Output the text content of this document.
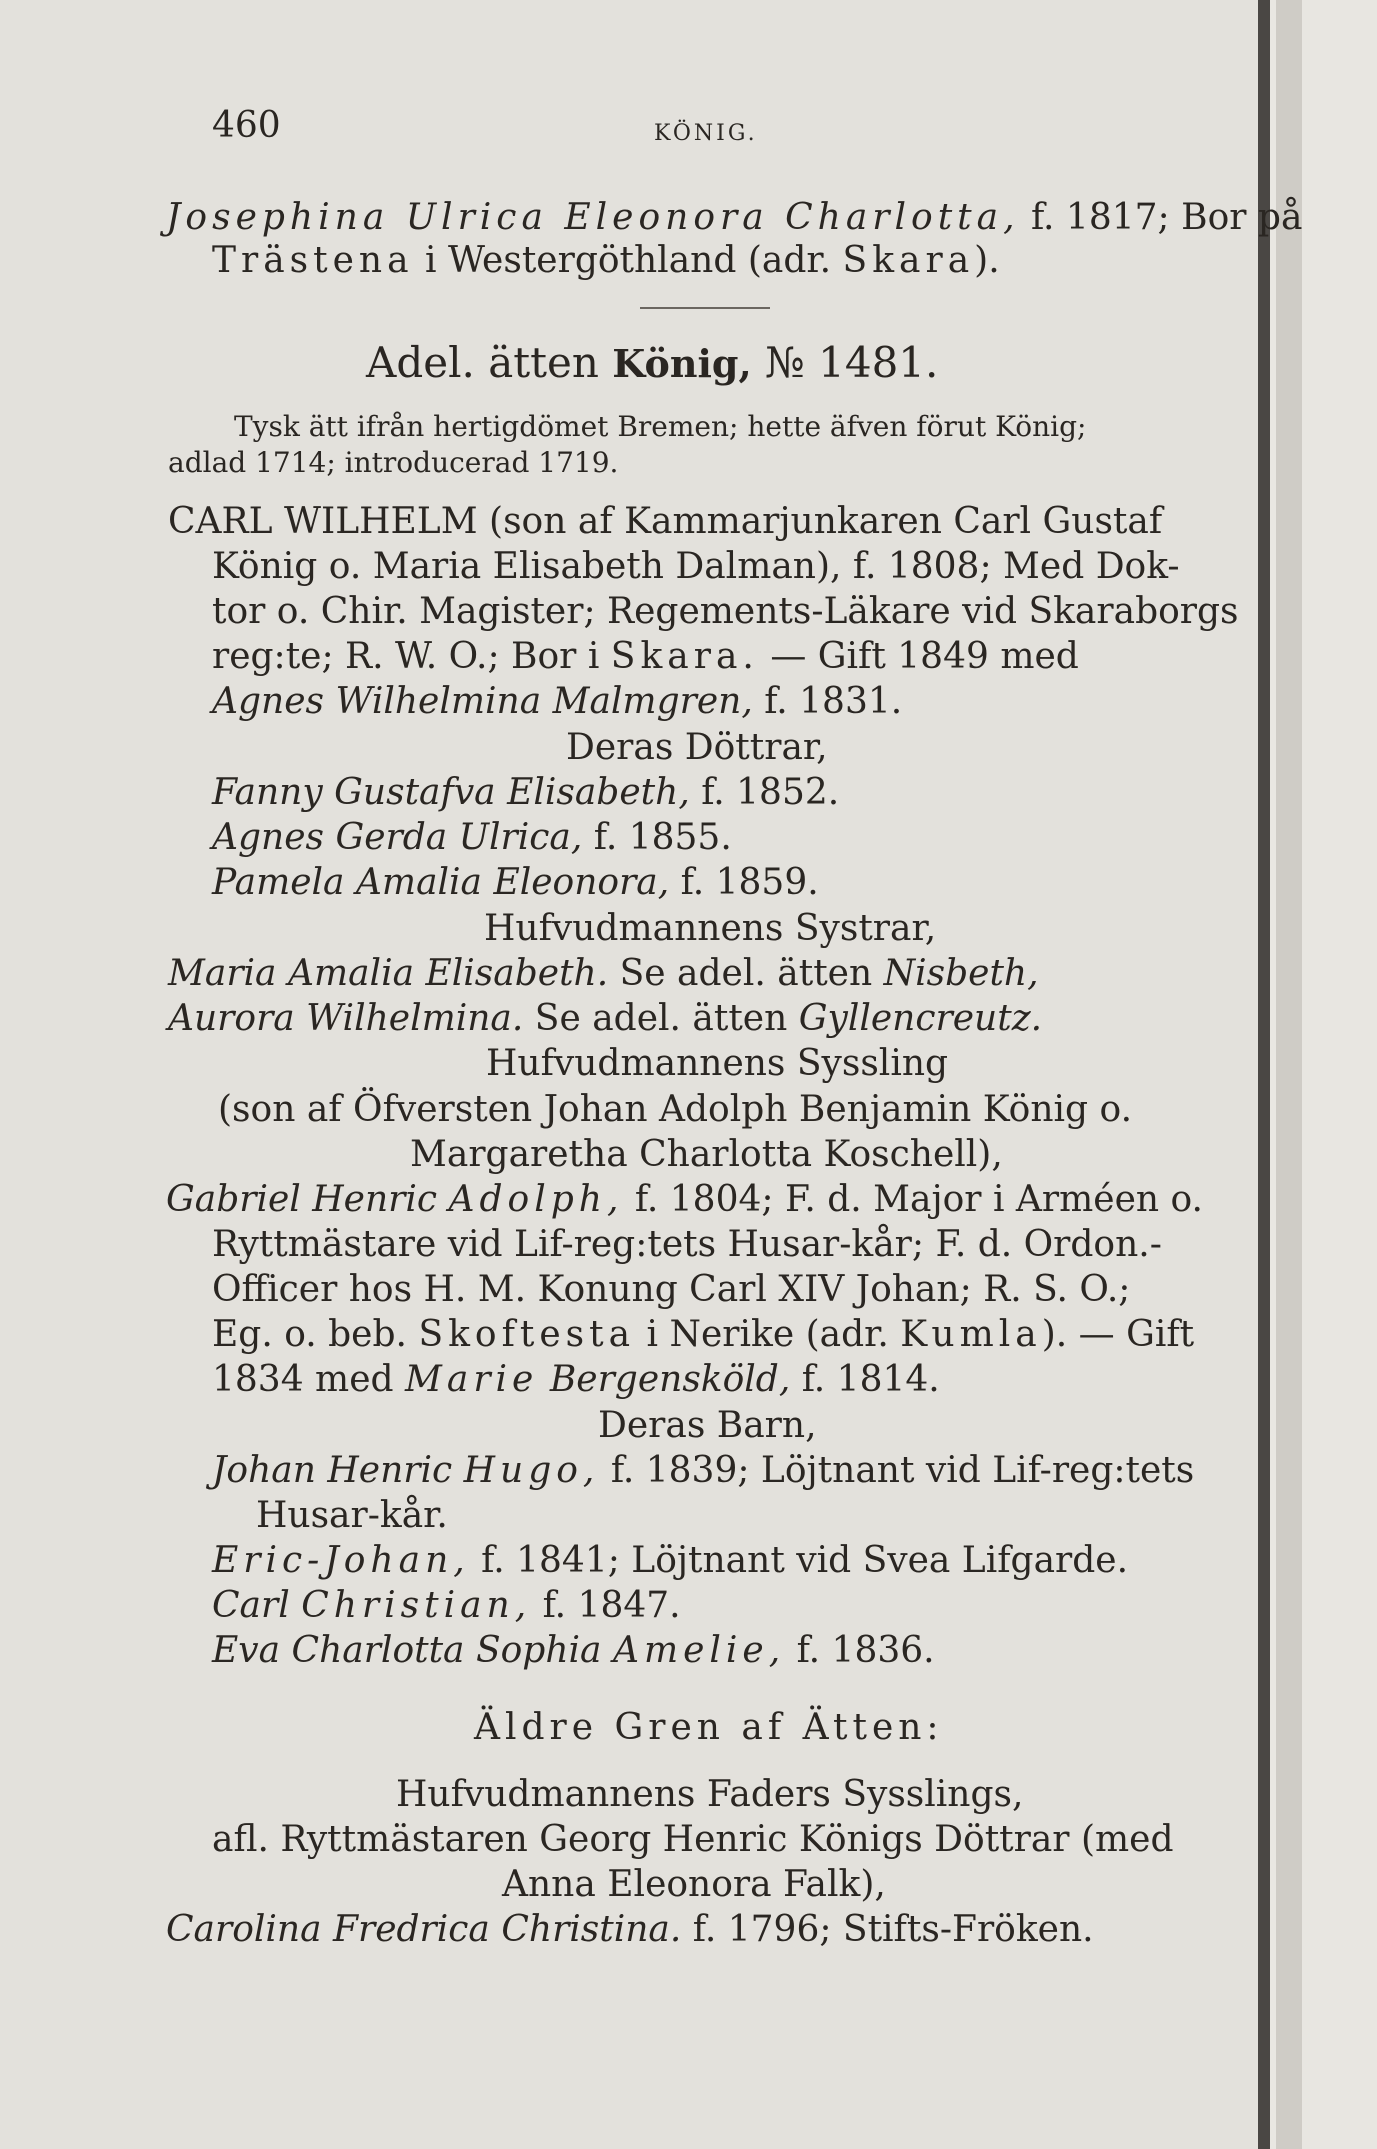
460	KÖNIG.
Josephina Ulrica Eleonora Charlotta, f. 1817; Bor på
Trästena i Westergöthland (adr. Skara).
Adel. ätten König, № 1481.
Tysk ätt ifrån hertigdömet Bremen; hette äfven förut König;
adlad 1714; introducerad 1719.
CARL WILHELM (son af Kammarjunkaren Carl Gustaf
König o. Maria Elisabeth Dalman), f. 1808; Med Dok-
tor o. Chir. Magister; Regements-Läkare vid Skaraborgs
reg:te; R. W. O.; Bor i Skara. — Gift 1849 med
Agnes Wilhelmina Malmgren, f. 1831.
Deras Döttrar,
Fanny Gustafva Elisabeth, f. 1852.
Agnes Gerda Ulrica, f. 1855.
Pamela Amalia Eleonora, f. 1859.
Hufvudmannens Systrar,
Maria Amalia Elisabeth. Se adel. ätten Nisbeth,
Aurora Wilhelmina. Se adel. ätten Gyllencreutz.
Hufvudmannens Syssling
(son af Öfversten Johan Adolph Benjamin König o.
Margaretha Charlotta Koschell),
Gabriel Henric Adolph, f. 1804; F. d. Major i Arméen o.
Ryttmästare vid Lif-reg:tets Husar-kår; F. d. Ordon.-
Officer hos H. M. Konung Carl XIV Johan; R. S. O.;
Eg. o. beb. Skoftesta i Nerike (adr. Kumla). — Gift
1834 med Marie Bergensköld, f. 1814.
Deras Barn,
Johan Henric Hugo, f. 1839; Löjtnant vid Lif-reg:tets
Husar-kår.
Eric-Johan, f. 1841; Löjtnant vid Svea Lifgarde.
Carl Christian, f. 1847.
Eva Charlotta Sophia Amelie, f. 1836.
Äldre Gren af Ätten:
Hufvudmannens Faders Sysslings,
afl. Ryttmästaren Georg Henric Königs Döttrar (med
Anna Eleonora Falk),
Carolina Fredrica Christina. f. 1796; Stifts-Fröken.
